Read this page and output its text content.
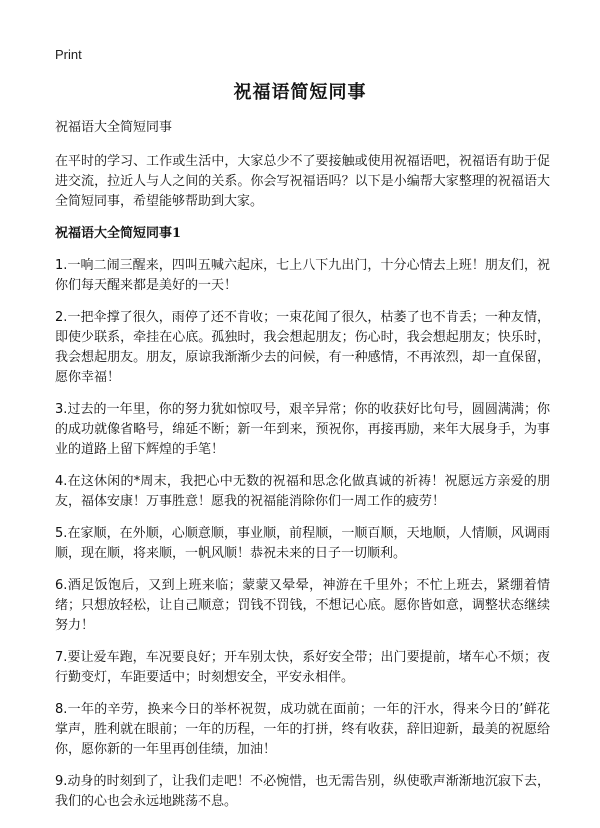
Print
祝福语简短同事

祝福语大全简短同事

在平时的学习、工作或生活中，大家总少不了要接触或使用祝福语吧，祝福语有助于促进交流，拉近人与人之间的关系。你会写祝福语吗？以下是小编帮大家整理的祝福语大全简短同事，希望能够帮助到大家。

祝福语大全简短同事1

1.一响二闹三醒来，四叫五喊六起床，七上八下九出门，十分心情去上班！朋友们，祝你们每天醒来都是美好的一天！

2.一把伞撑了很久，雨停了还不肯收；一束花闻了很久，枯萎了也不肯丢；一种友情，即使少联系，牵挂在心底。孤独时，我会想起朋友；伤心时，我会想起朋友；快乐时，我会想起朋友。朋友，原谅我渐渐少去的问候，有一种感情，不再浓烈，却一直保留，愿你幸福！

3.过去的一年里，你的努力犹如惊叹号，艰辛异常；你的收获好比句号，圆圆满满；你的成功就像省略号，绵延不断；新一年到来，预祝你，再接再励，来年大展身手，为事业的道路上留下辉煌的手笔！

4.在这休闲的*周末，我把心中无数的祝福和思念化做真诚的祈祷！祝愿远方亲爱的朋友，福体安康！万事胜意！愿我的祝福能消除你们一周工作的疲劳！

5.在家顺，在外顺，心顺意顺，事业顺，前程顺，一顺百顺，天地顺，人情顺，风调雨顺，现在顺，将来顺，一帆风顺！恭祝未来的日子一切顺利。

6.酒足饭饱后，又到上班来临；蒙蒙又晕晕，神游在千里外；不忙上班去，紧绷着情绪；只想放轻松，让自己顺意；罚钱不罚钱，不想记心底。愿你皆如意，调整状态继续努力！

7.要让爱车跑，车况要良好；开车别太快，系好安全带；出门要提前，堵车心不烦；夜行勤变灯，车距要适中；时刻想安全，平安永相伴。

8.一年的辛劳，换来今日的举杯祝贺，成功就在面前；一年的汗水，得来今日的’鲜花掌声，胜利就在眼前；一年的历程，一年的打拼，终有收获，辞旧迎新，最美的祝愿给你，愿你新的一年里再创佳绩，加油！

9.动身的时刻到了，让我们走吧！不必惋惜，也无需告别，纵使歌声渐渐地沉寂下去，我们的心也会永远地跳荡不息。
